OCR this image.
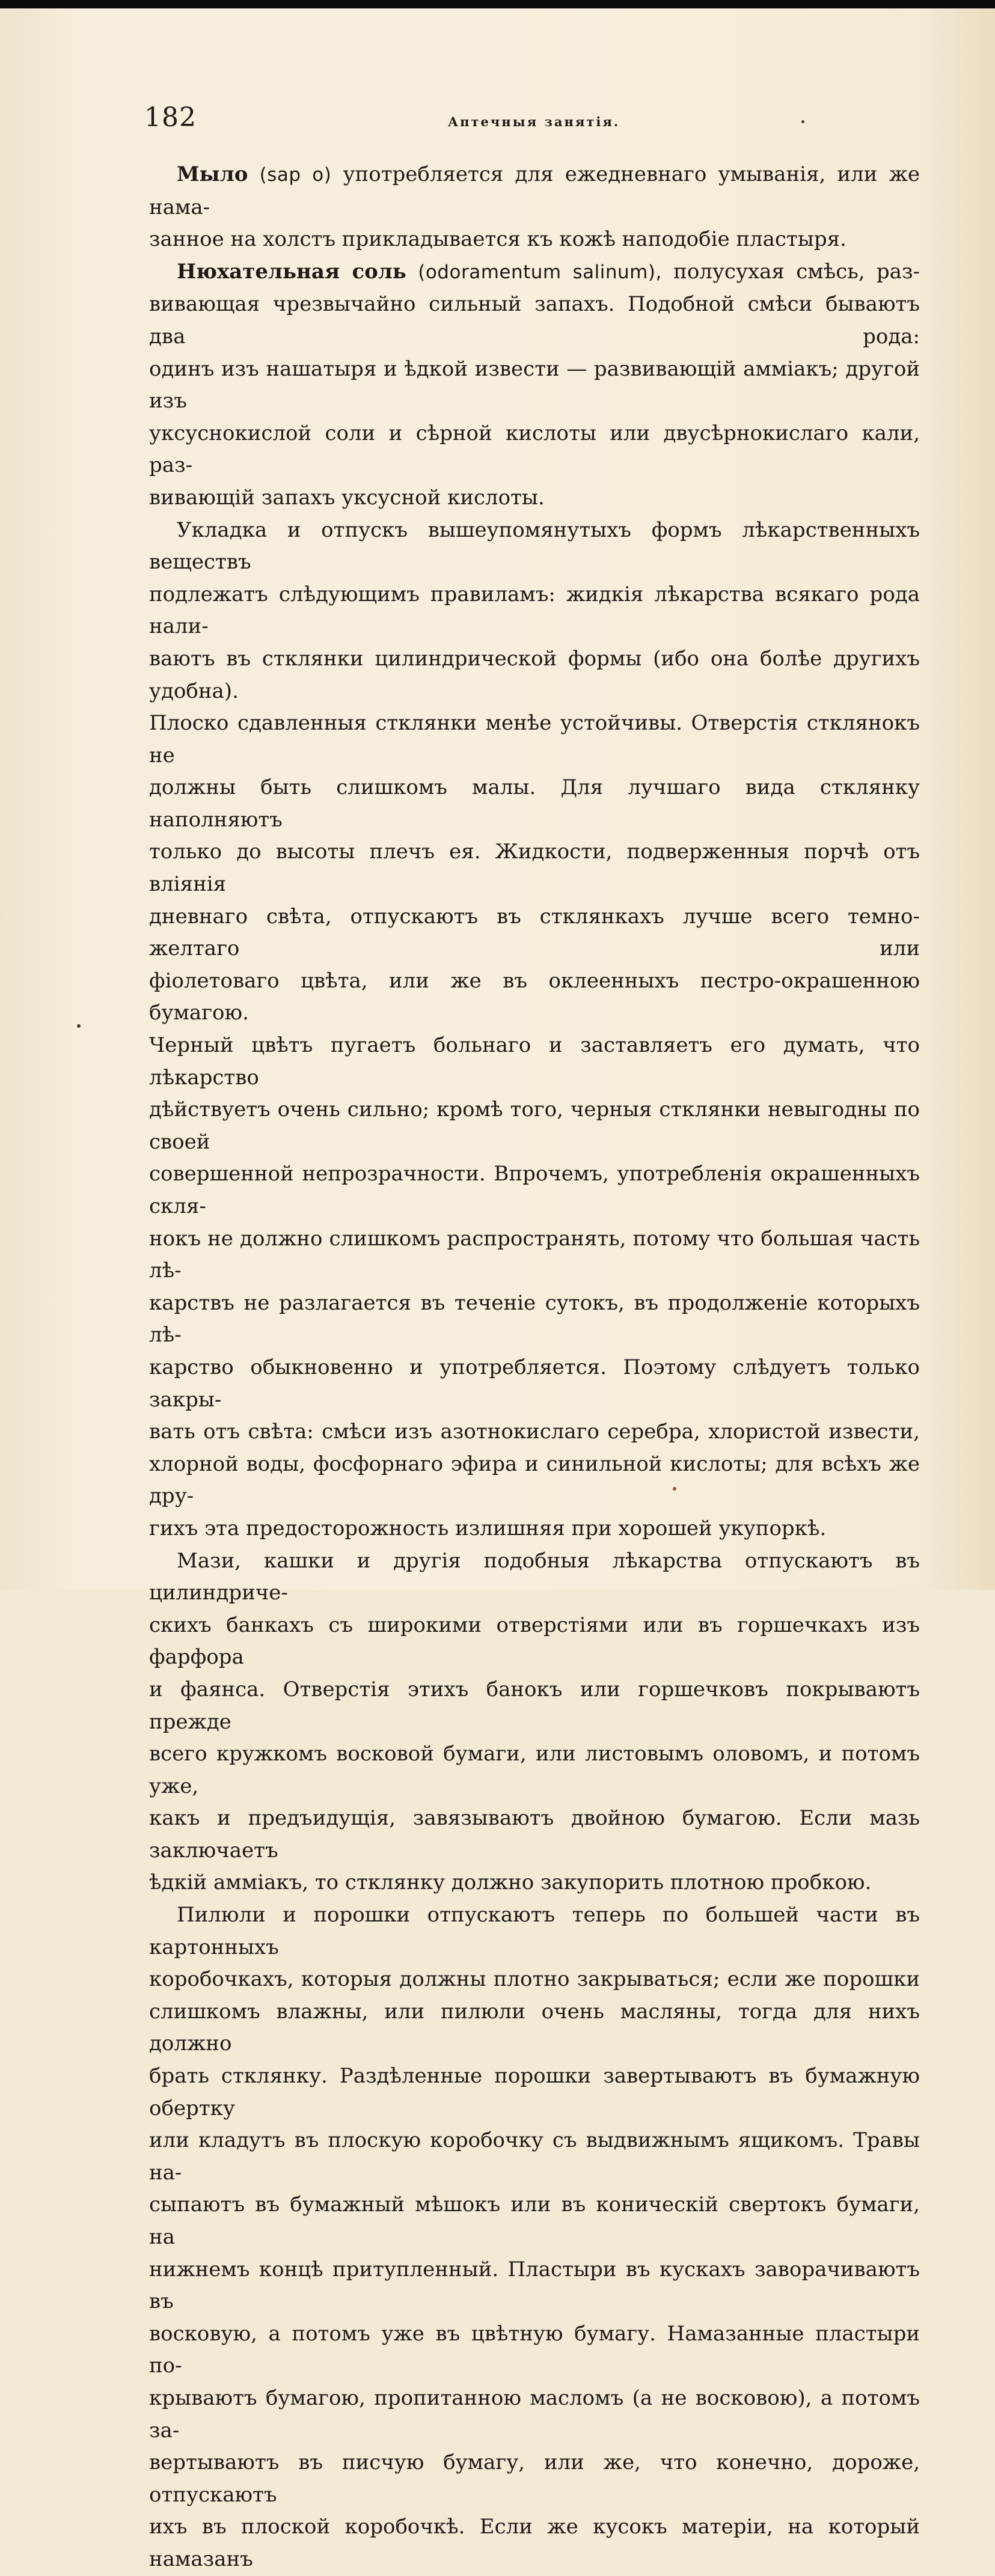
182	Аптечныя занятія.
Мыло (sap o) употребляется для ежедневнаго умыванія, или же нама-
занное на холстъ прикладывается къ кожѣ наподобіе пластыря.
Нюхательная соль (odoramentum salinum), полусухая смѣсь, раз-
вивающая чрезвычайно сильный запахъ. Подобной смѣси бываютъ два рода:
одинъ изъ нашатыря и ѣдкой извести — развивающій амміакъ; другой изъ
уксуснокислой соли и сѣрной кислоты или двусѣрнокислаго кали, раз-
вивающій запахъ уксусной кислоты.
Укладка и отпускъ вышеупомянутыхъ формъ лѣкарственныхъ веществъ
подлежатъ слѣдующимъ правиламъ: жидкія лѣкарства всякаго рода нали-
ваютъ въ стклянки цилиндрической формы (ибо она болѣе другихъ удобна).
Плоско сдавленныя стклянки менѣе устойчивы. Отверстія стклянокъ не
должны быть слишкомъ малы. Для лучшаго вида стклянку наполняютъ
только до высоты плечъ ея. Жидкости, подверженныя порчѣ отъ вліянія
дневнаго свѣта, отпускаютъ въ стклянкахъ лучше всего темно-желтаго или
фіолетоваго цвѣта, или же въ оклеенныхъ пестро-окрашенною бумагою.
Черный цвѣтъ пугаетъ больнаго и заставляетъ его думать, что лѣкарство
дѣйствуетъ очень сильно; кромѣ того, черныя стклянки невыгодны по своей
совершенной непрозрачности. Впрочемъ, употребленія окрашенныхъ скля-
нокъ не должно слишкомъ распространять, потому что большая часть лѣ-
карствъ не разлагается въ теченіе сутокъ, въ продолженіе которыхъ лѣ-
карство обыкновенно и употребляется. Поэтому слѣдуетъ только закры-
вать отъ свѣта: смѣси изъ азотнокислаго серебра, хлористой извести,
хлорной воды, фосфорнаго эфира и синильной кислоты; для всѣхъ же дру-
гихъ эта предосторожность излишняя при хорошей укупоркѣ.
Мази, кашки и другія подобныя лѣкарства отпускаютъ въ цилиндриче-
скихъ банкахъ съ широкими отверстіями или въ горшечкахъ изъ фарфора
и фаянса. Отверстія этихъ банокъ или горшечковъ покрываютъ прежде
всего кружкомъ восковой бумаги, или листовымъ оловомъ, и потомъ уже,
какъ и предъидущія, завязываютъ двойною бумагою. Если мазь заключаетъ
ѣдкій амміакъ, то стклянку должно закупорить плотною пробкою.
Пилюли и порошки отпускаютъ теперь по большей части въ картонныхъ
коробочкахъ, которыя должны плотно закрываться; если же порошки
слишкомъ влажны, или пилюли очень масляны, тогда для нихъ должно
брать стклянку. Раздѣленные порошки завертываютъ въ бумажную обертку
или кладутъ въ плоскую коробочку съ выдвижнымъ ящикомъ. Травы на-
сыпаютъ въ бумажный мѣшокъ или въ коническій свертокъ бумаги, на
нижнемъ концѣ притупленный. Пластыри въ кускахъ заворачиваютъ въ
восковую, а потомъ уже въ цвѣтную бумагу. Намазанные пластыри по-
крываютъ бумагою, пропитанною масломъ (а не восковою), а потомъ за-
вертываютъ въ писчую бумагу, или же, что конечно, дороже, отпускаютъ
ихъ въ плоской коробочкѣ. Если же кусокъ матеріи, на который намазанъ
